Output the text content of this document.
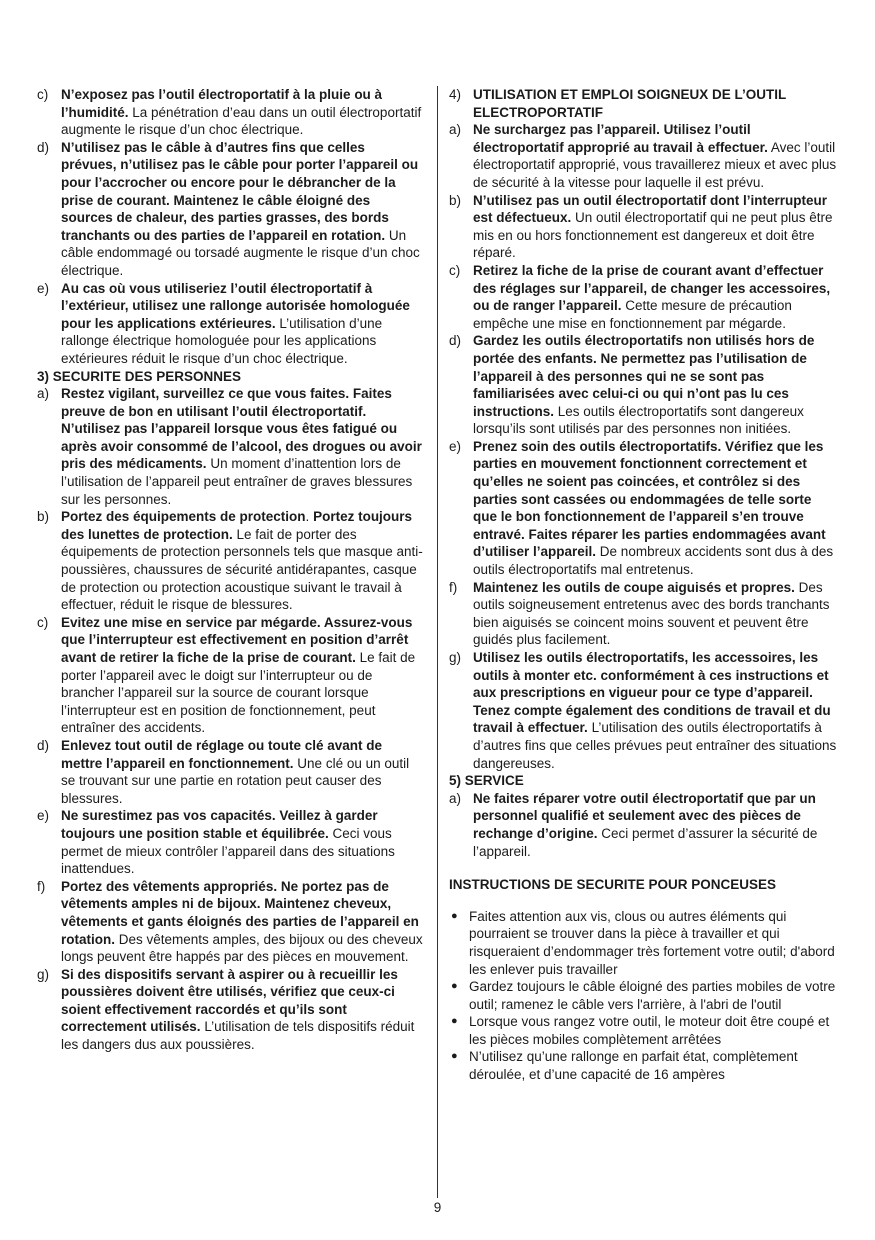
c) N’exposez pas l’outil électroportatif à la pluie ou à l’humidité. La pénétration d’eau dans un outil électroportatif augmente le risque d’un choc électrique.
d) N’utilisez pas le câble à d’autres fins que celles prévues, n’utilisez pas le câble pour porter l’appareil ou pour l’accrocher ou encore pour le débrancher de la prise de courant. Maintenez le câble éloigné des sources de chaleur, des parties grasses, des bords tranchants ou des parties de l’appareil en rotation. Un câble endommagé ou torsadé augmente le risque d’un choc électrique.
e) Au cas où vous utiliseriez l’outil électroportatif à l’extérieur, utilisez une rallonge autorisée homologuée pour les applications extérieures. L’utilisation d’une rallonge électrique homologuée pour les applications extérieures réduit le risque d’un choc électrique.
3) SECURITE DES PERSONNES
a) Restez vigilant, surveillez ce que vous faites. Faites preuve de bon en utilisant l’outil électroportatif. N’utilisez pas l’appareil lorsque vous êtes fatigué ou après avoir consommé de l’alcool, des drogues ou avoir pris des médicaments. Un moment d’inattention lors de l’utilisation de l’appareil peut entraîner de graves blessures sur les personnes.
b) Portez des équipements de protection. Portez toujours des lunettes de protection. Le fait de porter des équipements de protection personnels tels que masque anti-poussières, chaussures de sécurité antidérapantes, casque de protection ou protection acoustique suivant le travail à effectuer, réduit le risque de blessures.
c) Evitez une mise en service par mégarde. Assurez-vous que l’interrupteur est effectivement en position d’arrêt avant de retirer la fiche de la prise de courant. Le fait de porter l’appareil avec le doigt sur l’interrupteur ou de brancher l’appareil sur la source de courant lorsque l’interrupteur est en position de fonctionnement, peut entraîner des accidents.
d) Enlevez tout outil de réglage ou toute clé avant de mettre l’appareil en fonctionnement. Une clé ou un outil se trouvant sur une partie en rotation peut causer des blessures.
e) Ne surestimez pas vos capacités. Veillez à garder toujours une position stable et équilibrée. Ceci vous permet de mieux contrôler l’appareil dans des situations inattendues.
f)	Portez des vêtements appropriés. Ne portez pas de vêtements amples ni de bijoux. Maintenez cheveux, vêtements et gants éloignés des parties de l’appareil en rotation. Des vêtements amples, des bijoux ou des cheveux longs peuvent être happés par des pièces en mouvement.
g) Si des dispositifs servant à aspirer ou à recueillir les poussières doivent être utilisés, vérifiez que ceux-ci soient effectivement raccordés et qu’ils sont correctement utilisés. L’utilisation de tels dispositifs réduit les dangers dus aux poussières.
4) UTILISATION ET EMPLOI SOIGNEUX DE L’OUTIL ELECTROPORTATIF
a) Ne surchargez pas l’appareil. Utilisez l’outil électroportatif approprié au travail à effectuer. Avec l’outil électroportatif approprié, vous travaillerez mieux et avec plus de sécurité à la vitesse pour laquelle il est prévu.
b) N’utilisez pas un outil électroportatif dont l’interrupteur est défectueux. Un outil électroportatif qui ne peut plus être mis en ou hors fonctionnement est dangereux et doit être réparé.
c) Retirez la fiche de la prise de courant avant d’effectuer des réglages sur l’appareil, de changer les accessoires, ou de ranger l’appareil. Cette mesure de précaution empêche une mise en fonctionnement par mégarde.
d) Gardez les outils électroportatifs non utilisés hors de portée des enfants. Ne permettez pas l’utilisation de l’appareil à des personnes qui ne se sont pas familiarisées avec celui-ci ou qui n’ont pas lu ces instructions. Les outils électroportatifs sont dangereux lorsqu’ils sont utilisés par des personnes non initiées.
e) Prenez soin des outils électroportatifs. Vérifiez que les parties en mouvement fonctionnent correctement et qu’elles ne soient pas coincées, et contrôlez si des parties sont cassées ou endommagées de telle sorte que le bon fonctionnement de l’appareil s’en trouve entravé. Faites réparer les parties endommagées avant d’utiliser l’appareil. De nombreux accidents sont dus à des outils électroportatifs mal entretenus.
f)	Maintenez les outils de coupe aiguisés et propres. Des outils soigneusement entretenus avec des bords tranchants bien aiguisés se coincent moins souvent et peuvent être guidés plus facilement.
g) Utilisez les outils électroportatifs, les accessoires, les outils à monter etc. conformément à ces instructions et aux prescriptions en vigueur pour ce type d’appareil. Tenez compte également des conditions de travail et du travail à effectuer. L’utilisation des outils électroportatifs à d’autres fins que celles prévues peut entraîner des situations dangereuses.
5) SERVICE
a) Ne faites réparer votre outil électroportatif que par un personnel qualifié et seulement avec des pièces de rechange d’origine. Ceci permet d’assurer la sécurité de l’appareil.
INSTRUCTIONS DE SECURITE POUR PONCEUSES
● Faites attention aux vis, clous ou autres éléments qui pourraient se trouver dans la pièce à travailler et qui risqueraient d’endommager très fortement votre outil; d'abord les enlever puis travailler
● Gardez toujours le câble éloigné des parties mobiles de votre outil; ramenez le câble vers l'arrière, à l'abri de l'outil
● Lorsque vous rangez votre outil, le moteur doit être coupé et les pièces mobiles complètement arrêtées
● N’utilisez qu’une rallonge en parfait état, complètement déroulée, et d’une capacité de 16 ampères
9
